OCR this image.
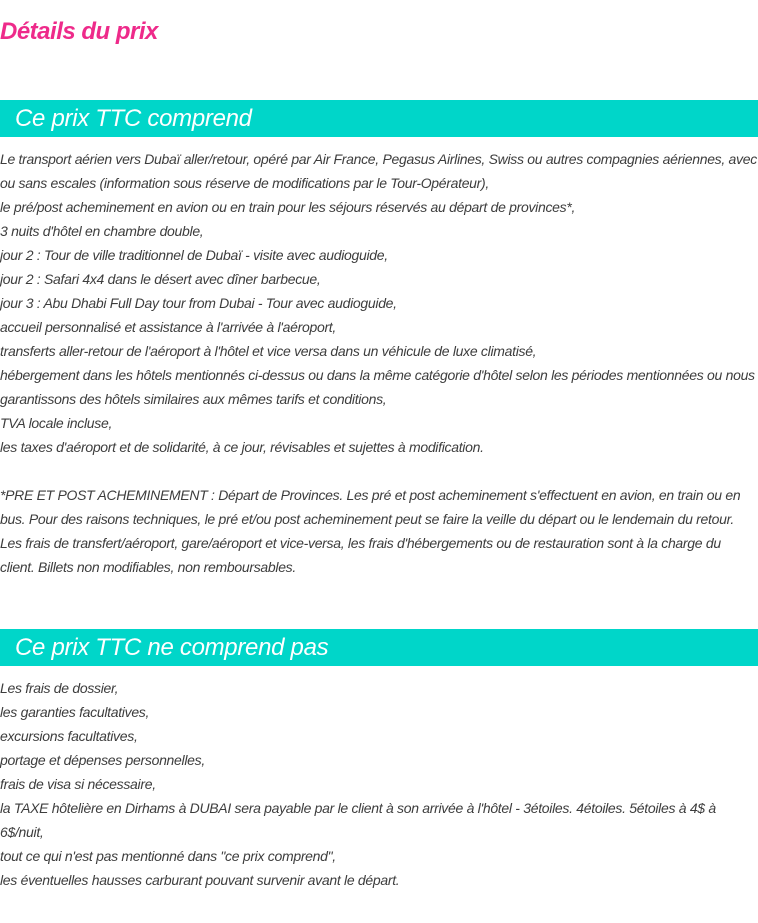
Détails du prix
Ce prix TTC comprend
Le transport aérien vers Dubaï aller/retour, opéré par Air France, Pegasus Airlines, Swiss ou autres compagnies aériennes, avec ou sans escales (information sous réserve de modifications par le Tour-Opérateur),
le pré/post acheminement en avion ou en train pour les séjours réservés au départ de provinces*,
3 nuits d'hôtel en chambre double,
jour 2 : Tour de ville traditionnel de Dubaï - visite avec audioguide,
jour 2 : Safari 4x4 dans le désert avec dîner barbecue,
jour 3 : Abu Dhabi Full Day tour from Dubai - Tour avec audioguide,
accueil personnalisé et assistance à l'arrivée à l'aéroport,
transferts aller-retour de l'aéroport à l'hôtel et vice versa dans un véhicule de luxe climatisé,
hébergement dans les hôtels mentionnés ci-dessus ou dans la même catégorie d'hôtel selon les périodes mentionnées ou nous garantissons des hôtels similaires aux mêmes tarifs et conditions,
TVA locale incluse,
les taxes d'aéroport et de solidarité, à ce jour, révisables et sujettes à modification.

*PRE ET POST ACHEMINEMENT : Départ de Provinces. Les pré et post acheminement s'effectuent en avion, en train ou en bus. Pour des raisons techniques, le pré et/ou post acheminement peut se faire la veille du départ ou le lendemain du retour. Les frais de transfert/aéroport, gare/aéroport et vice-versa, les frais d'hébergements ou de restauration sont à la charge du client. Billets non modifiables, non remboursables.

Ce prix TTC ne comprend pas
Les frais de dossier,
les garanties facultatives,
excursions facultatives,
portage et dépenses personnelles,
frais de visa si nécessaire,
la TAXE hôtelière en Dirhams à DUBAI sera payable par le client à son arrivée à l'hôtel - 3étoiles. 4étoiles. 5étoiles à 4$ à 6$/nuit,
tout ce qui n'est pas mentionné dans "ce prix comprend",
les éventuelles hausses carburant pouvant survenir avant le départ.
